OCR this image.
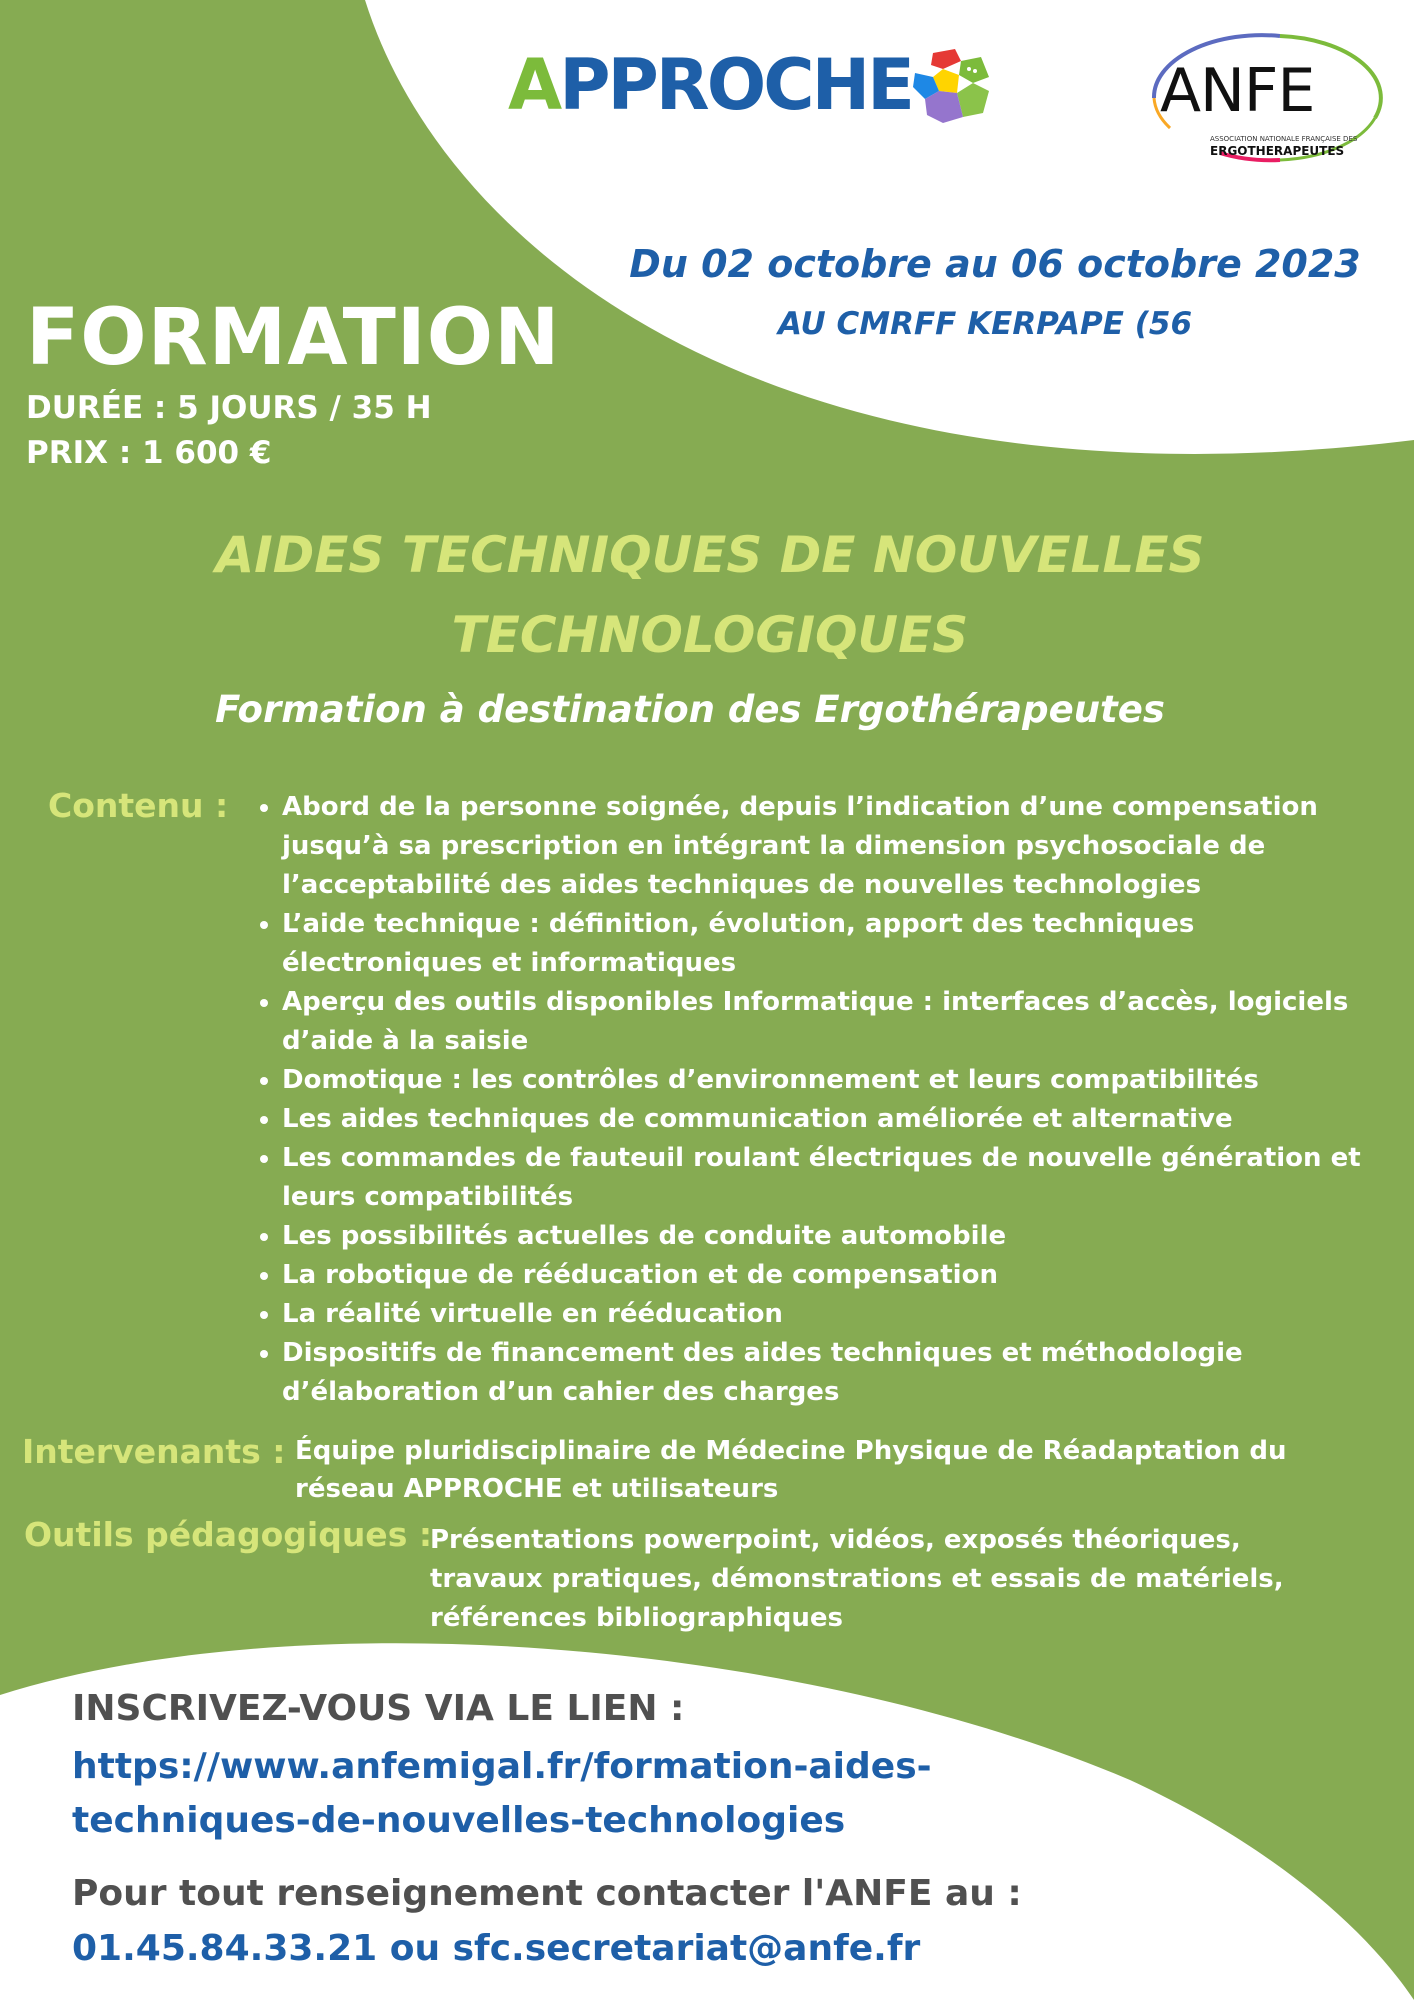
APPROCHE	ANFE
ASSOCIATION NATIONALE FRANÇAISE DES
ERGOTHERAPEUTES
Du 02 octobre au 06 octobre 2023
AU CMRFF KERPAPE (56
FORMATION
DURÉE : 5 JOURS / 35 H
PRIX : 1 600 €
AIDES TECHNIQUES DE NOUVELLES
TECHNOLOGIQUES
Formation à destination des Ergothérapeutes
Contenu :
• Abord de la personne soignée, depuis l’indication d’une compensation jusqu’à sa prescription en intégrant la dimension psychosociale de l’acceptabilité des aides techniques de nouvelles technologies
• L’aide technique : définition, évolution, apport des techniques électroniques et informatiques
• Aperçu des outils disponibles Informatique : interfaces d’accès, logiciels d’aide à la saisie
• Domotique : les contrôles d’environnement et leurs compatibilités
• Les aides techniques de communication améliorée et alternative
• Les commandes de fauteuil roulant électriques de nouvelle génération et leurs compatibilités
• Les possibilités actuelles de conduite automobile
• La robotique de rééducation et de compensation
• La réalité virtuelle en rééducation
• Dispositifs de financement des aides techniques et méthodologie d’élaboration d’un cahier des charges
Intervenants : Équipe pluridisciplinaire de Médecine Physique de Réadaptation du réseau APPROCHE et utilisateurs
Outils pédagogiques :
Présentations powerpoint, vidéos, exposés théoriques, travaux pratiques, démonstrations et essais de matériels, références bibliographiques
INSCRIVEZ-VOUS VIA LE LIEN :
https://www.anfemigal.fr/formation-aides-techniques-de-nouvelles-technologies
Pour tout renseignement contacter l'ANFE au :
01.45.84.33.21 ou sfc.secretariat@anfe.fr
